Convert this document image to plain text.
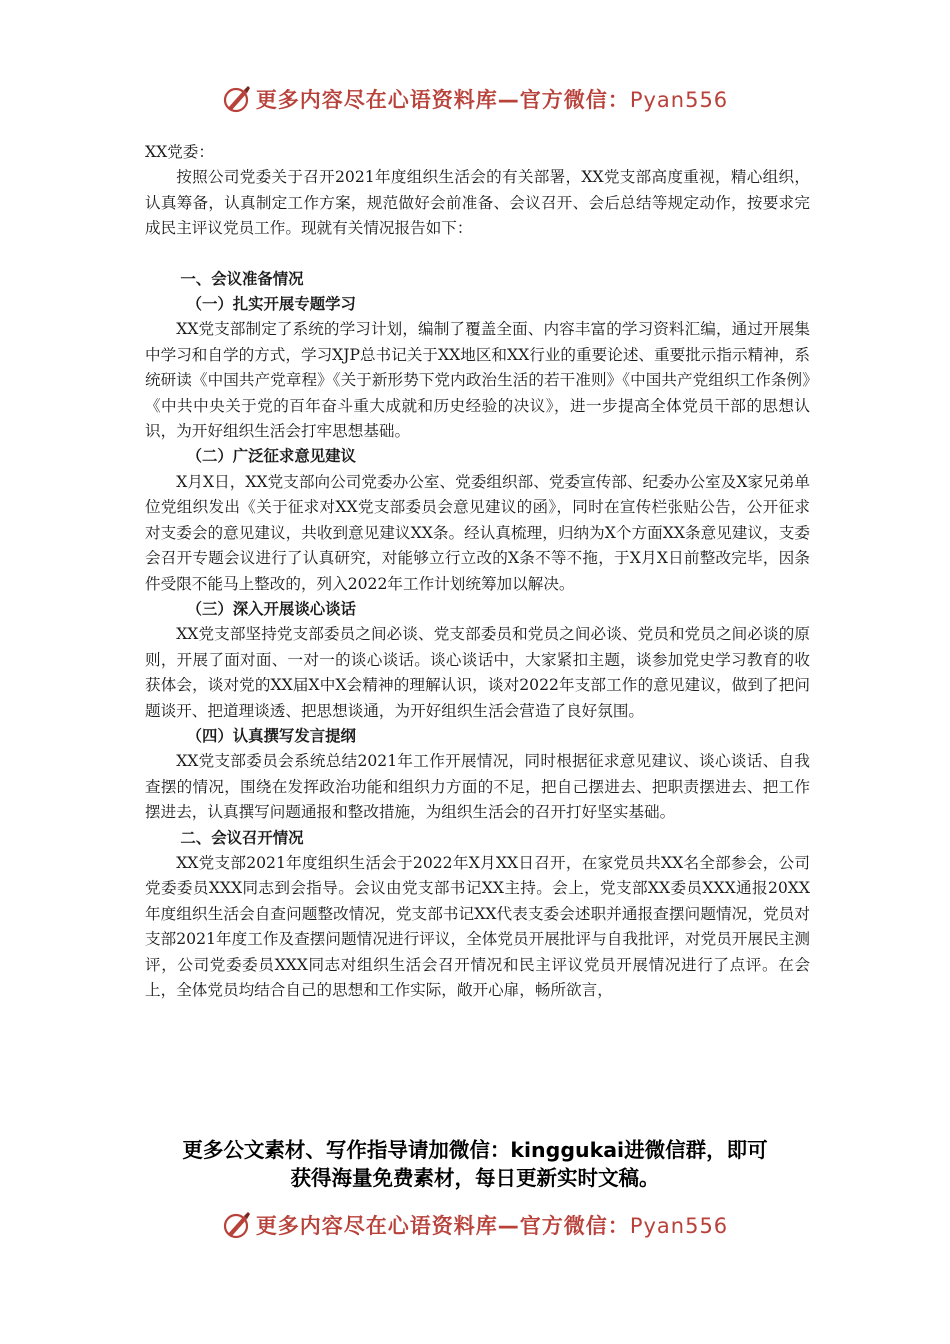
更多内容尽在心语资料库—官方微信：Pyan556

XX党委：

按照公司党委关于召开2021年度组织生活会的有关部署，XX党支部高度重视，精心组织，认真筹备，认真制定工作方案，规范做好会前准备、会议召开、会后总结等规定动作，按要求完成民主评议党员工作。现就有关情况报告如下：

一、会议准备情况

（一）扎实开展专题学习

XX党支部制定了系统的学习计划，编制了覆盖全面、内容丰富的学习资料汇编，通过开展集中学习和自学的方式，学习XJP总书记关于XX地区和XX行业的重要论述、重要批示指示精神，系统研读《中国共产党章程》《关于新形势下党内政治生活的若干准则》《中国共产党组织工作条例》《中共中央关于党的百年奋斗重大成就和历史经验的决议》，进一步提高全体党员干部的思想认识，为开好组织生活会打牢思想基础。

（二）广泛征求意见建议

X月X日，XX党支部向公司党委办公室、党委组织部、党委宣传部、纪委办公室及X家兄弟单位党组织发出《关于征求对XX党支部委员会意见建议的函》，同时在宣传栏张贴公告，公开征求对支委会的意见建议，共收到意见建议XX条。经认真梳理，归纳为X个方面XX条意见建议，支委会召开专题会议进行了认真研究，对能够立行立改的X条不等不拖，于X月X日前整改完毕，因条件受限不能马上整改的，列入2022年工作计划统筹加以解决。

（三）深入开展谈心谈话

XX党支部坚持党支部委员之间必谈、党支部委员和党员之间必谈、党员和党员之间必谈的原则，开展了面对面、一对一的谈心谈话。谈心谈话中，大家紧扣主题，谈参加党史学习教育的收获体会，谈对党的XX届X中X会精神的理解认识，谈对2022年支部工作的意见建议，做到了把问题谈开、把道理谈透、把思想谈通，为开好组织生活会营造了良好氛围。

（四）认真撰写发言提纲

XX党支部委员会系统总结2021年工作开展情况，同时根据征求意见建议、谈心谈话、自我查摆的情况，围绕在发挥政治功能和组织力方面的不足，把自己摆进去、把职责摆进去、把工作摆进去，认真撰写问题通报和整改措施，为组织生活会的召开打好坚实基础。

二、会议召开情况

XX党支部2021年度组织生活会于2022年X月XX日召开，在家党员共XX名全部参会，公司党委委员XXX同志到会指导。会议由党支部书记XX主持。会上，党支部XX委员XXX通报20XX年度组织生活会自查问题整改情况，党支部书记XX代表支委会述职并通报查摆问题情况，党员对支部2021年度工作及查摆问题情况进行评议，全体党员开展批评与自我批评，对党员开展民主测评，公司党委委员XXX同志对组织生活会召开情况和民主评议党员开展情况进行了点评。在会上，全体党员均结合自己的思想和工作实际，敞开心扉，畅所欲言，

更多公文素材、写作指导请加微信：kinggukai进微信群，即可
获得海量免费素材，每日更新实时文稿。
更多内容尽在心语资料库—官方微信：Pyan556
